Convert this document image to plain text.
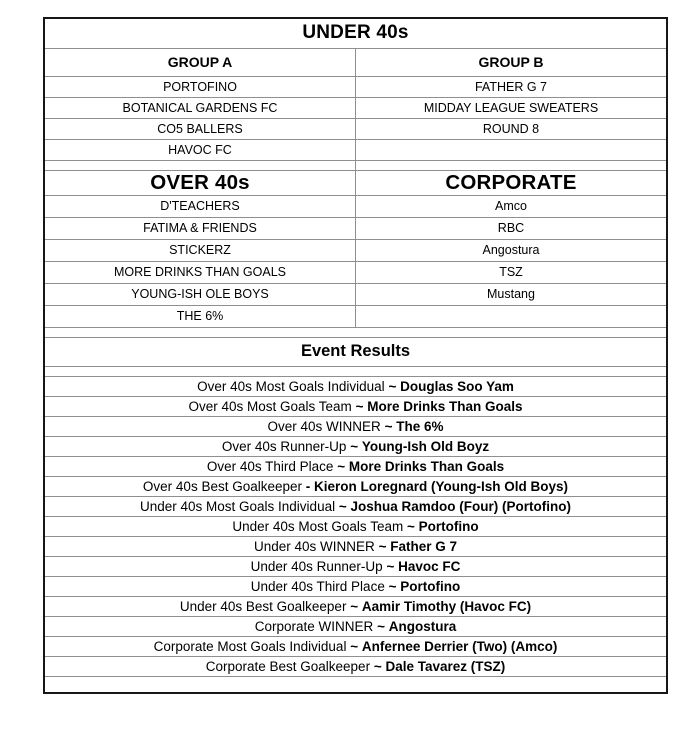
UNDER 40s	
GROUP A	GROUP B
PORTOFINO	FATHER G 7
BOTANICAL GARDENS FC	MIDDAY LEAGUE SWEATERS
CO5 BALLERS	ROUND 8
HAVOC FC	

OVER 40s	CORPORATE
D'TEACHERS	Amco
FATIMA & FRIENDS	RBC
STICKERZ	Angostura
MORE DRINKS THAN GOALS	TSZ
YOUNG-ISH OLE BOYS	Mustang
THE 6%	

Event Results	

Over 40s Most Goals Individual ~ Douglas Soo Yam	
Over 40s Most Goals Team ~ More Drinks Than Goals	
Over 40s WINNER ~ The 6%	
Over 40s Runner-Up ~ Young-Ish Old Boyz	
Over 40s Third Place ~ More Drinks Than Goals	
Over 40s Best Goalkeeper - Kieron Loregnard (Young-Ish Old Boys)	
Under 40s Most Goals Individual ~ Joshua Ramdoo (Four) (Portofino)	
Under 40s Most Goals Team ~ Portofino	
Under 40s WINNER ~ Father G 7	
Under 40s Runner-Up ~ Havoc FC	
Under 40s Third Place ~ Portofino	
Under 40s Best Goalkeeper ~ Aamir Timothy (Havoc FC)	
Corporate WINNER ~ Angostura	
Corporate Most Goals Individual ~ Anfernee Derrier (Two) (Amco)	
Corporate Best Goalkeeper ~ Dale Tavarez (TSZ)	
